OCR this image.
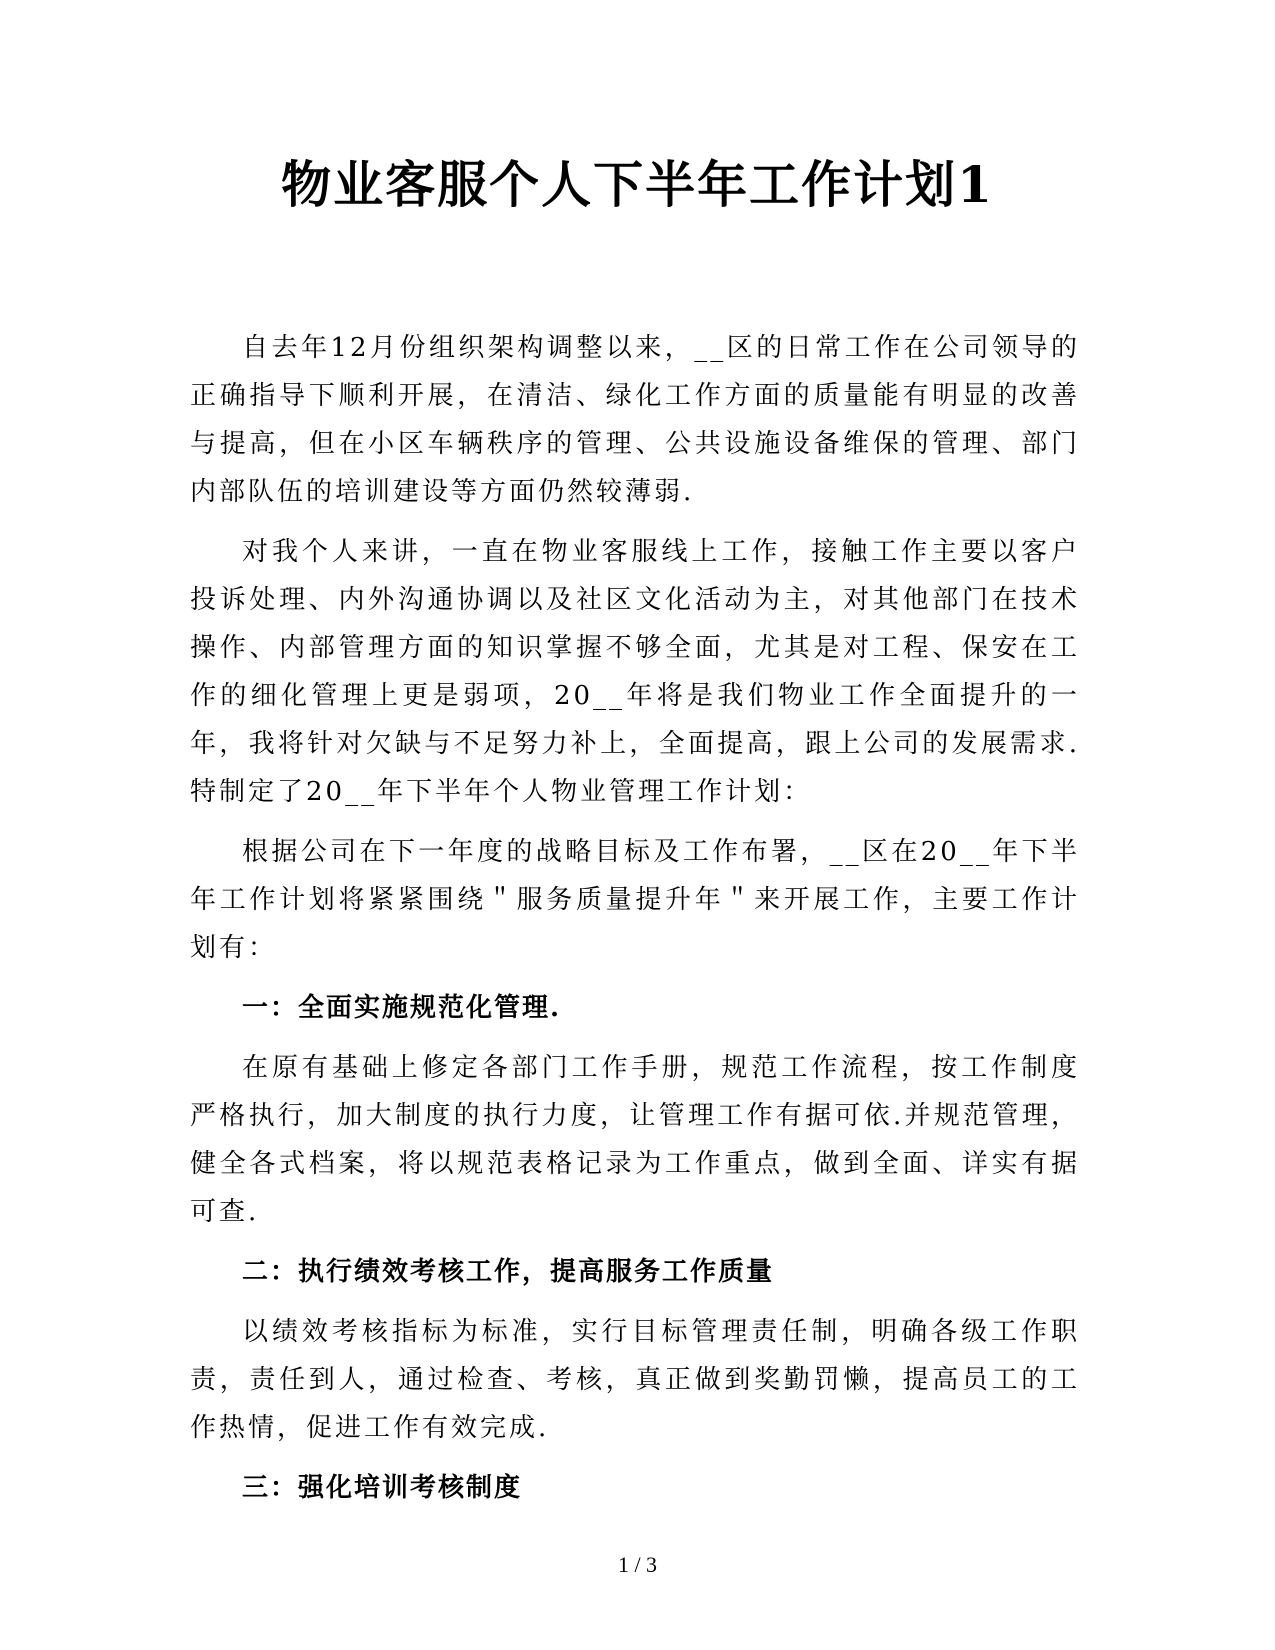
物业客服个人下半年工作计划1

自去年12月份组织架构调整以来，__区的日常工作在公司领导的正确指导下顺利开展，在清洁、绿化工作方面的质量能有明显的改善与提高，但在小区车辆秩序的管理、公共设施设备维保的管理、部门内部队伍的培训建设等方面仍然较薄弱.

对我个人来讲，一直在物业客服线上工作，接触工作主要以客户投诉处理、内外沟通协调以及社区文化活动为主，对其他部门在技术操作、内部管理方面的知识掌握不够全面，尤其是对工程、保安在工作的细化管理上更是弱项，20__年将是我们物业工作全面提升的一年，我将针对欠缺与不足努力补上，全面提高，跟上公司的发展需求.特制定了20__年下半年个人物业管理工作计划：

根据公司在下一年度的战略目标及工作布署，__区在20__年下半年工作计划将紧紧围绕＂服务质量提升年＂来开展工作，主要工作计划有：

一：全面实施规范化管理.

在原有基础上修定各部门工作手册，规范工作流程，按工作制度严格执行，加大制度的执行力度，让管理工作有据可依.并规范管理，健全各式档案，将以规范表格记录为工作重点，做到全面、详实有据可查.

二：执行绩效考核工作，提高服务工作质量

以绩效考核指标为标准，实行目标管理责任制，明确各级工作职责，责任到人，通过检查、考核，真正做到奖勤罚懒，提高员工的工作热情，促进工作有效完成.

三：强化培训考核制度

1 / 3
